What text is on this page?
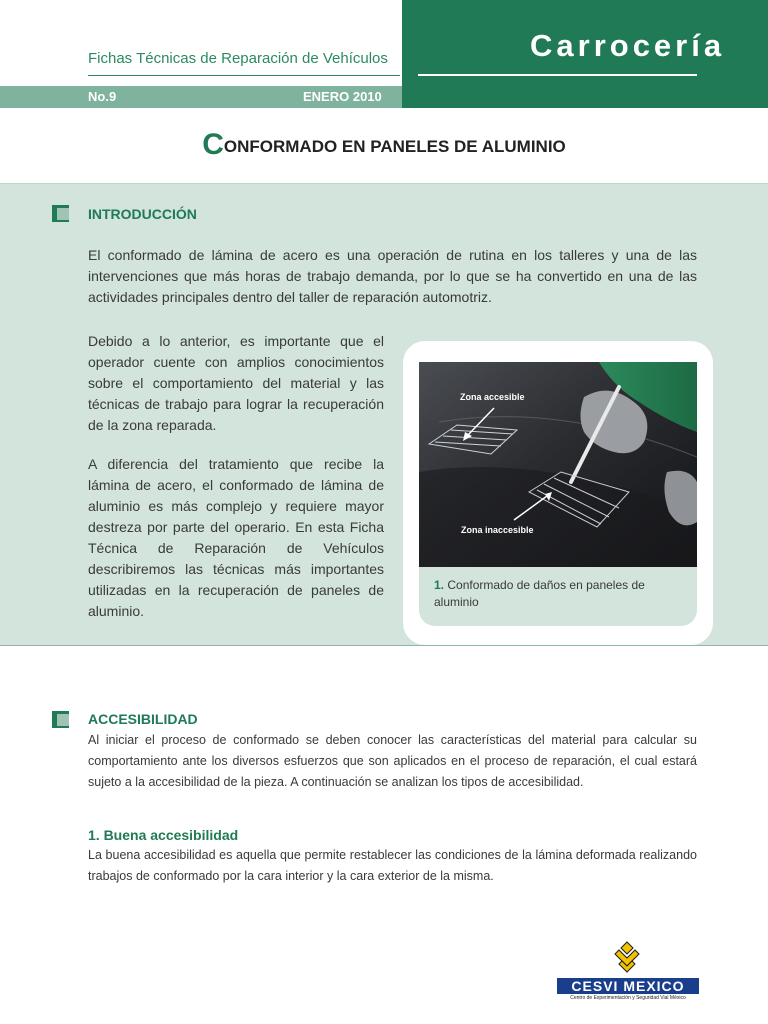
Fichas Técnicas de Reparación de Vehículos	Carrocería
No.9	ENERO 2010
CONFORMADO EN PANELES DE ALUMINIO
INTRODUCCIÓN
El conformado de lámina de acero es una operación de rutina en los talleres y una de las intervenciones que más horas de trabajo demanda, por lo que se ha convertido en una de las actividades principales dentro del taller de reparación automotriz.
Debido a lo anterior, es importante que el operador cuente con amplios conocimientos sobre el comportamiento del material y las técnicas de trabajo para lograr la recuperación de la zona reparada.
A diferencia del tratamiento que recibe la lámina de acero, el conformado de lámina de aluminio es más complejo y requiere mayor destreza por parte del operario. En esta Ficha Técnica de Reparación de Vehículos describiremos las técnicas más importantes utilizadas en la recuperación de paneles de aluminio.
Zona accesible
Zona inaccesible
1. Conformado de daños en paneles de aluminio
ACCESIBILIDAD
Al iniciar el proceso de conformado se deben conocer las características del material para calcular su comportamiento ante los diversos esfuerzos que son aplicados en el proceso de reparación, el cual estará sujeto a la accesibilidad de la pieza. A continuación se analizan los tipos de accesibilidad.
1. Buena accesibilidad
La buena accesibilidad es aquella que permite restablecer las condiciones de la lámina deformada realizando trabajos de conformado por la cara interior y la cara exterior de la misma.
CESVI MEXICO
Centro de Experimentación y Seguridad Vial México
